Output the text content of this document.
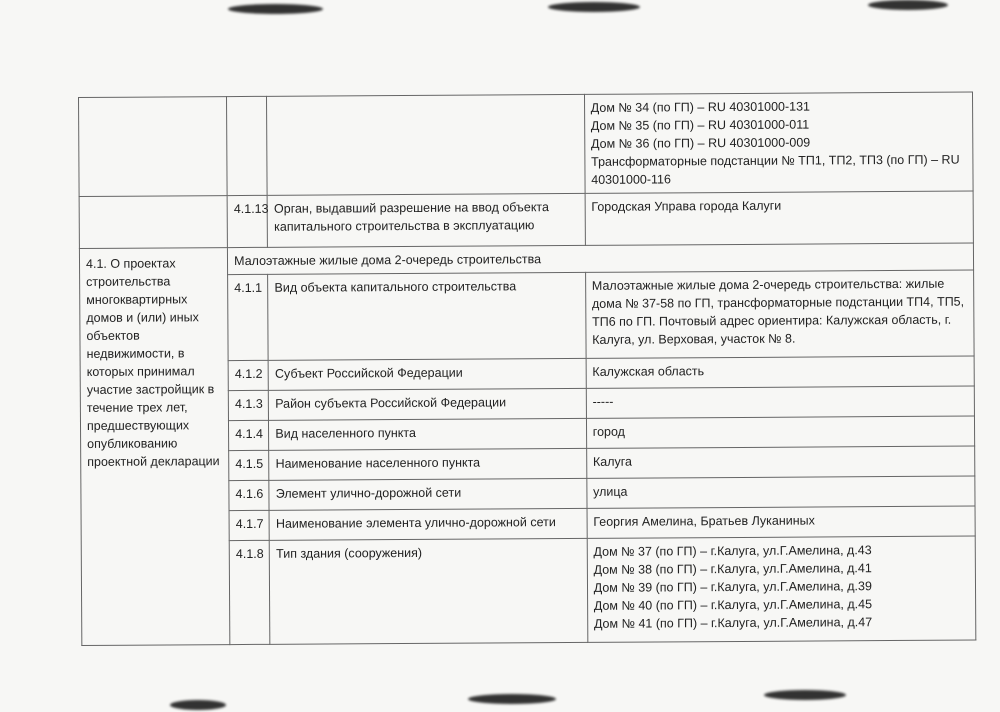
			Дом № 34 (по ГП) – RU 40301000-131
Дом № 35 (по ГП) – RU 40301000-011
Дом № 36 (по ГП) – RU 40301000-009
Трансформаторные подстанции № ТП1, ТП2, ТП3 (по ГП) – RU
40301000-116

	4.1.13	Орган, выдавший разрешение на ввод объекта капитального строительства в эксплуатацию	Городская Управа города Калуги
4.1. О проектах строительства многоквартирных домов и (или) иных объектов недвижимости, в которых принимал участие застройщик в течение трех лет, предшествующих опубликованию проектной декларации	Малоэтажные жилые дома 2-очередь строительства		
	4.1.1	Вид объекта капитального строительства	Малоэтажные жилые дома 2-очередь строительства: жилые дома № 37-58 по ГП, трансформаторные подстанции ТП4, ТП5, ТП6 по ГП. Почтовый адрес ориентира: Калужская область, г. Калуга, ул. Верховая, участок № 8.
	4.1.2	Субъект Российской Федерации	Калужская область
	4.1.3	Район субъекта Российской Федерации	-----
	4.1.4	Вид населенного пункта	город
	4.1.5	Наименование населенного пункта	Калуга
	4.1.6	Элемент улично-дорожной сети	улица
	4.1.7	Наименование элемента улично-дорожной сети	Георгия Амелина, Братьев Луканиных
	4.1.8	Тип здания (сооружения)	Дом № 37 (по ГП) – г.Калуга, ул.Г.Амелина, д.43
Дом № 38 (по ГП) – г.Калуга, ул.Г.Амелина, д.41
Дом № 39 (по ГП) – г.Калуга, ул.Г.Амелина, д.39
Дом № 40 (по ГП) – г.Калуга, ул.Г.Амелина, д.45
Дом № 41 (по ГП) – г.Калуга, ул.Г.Амелина, д.47
